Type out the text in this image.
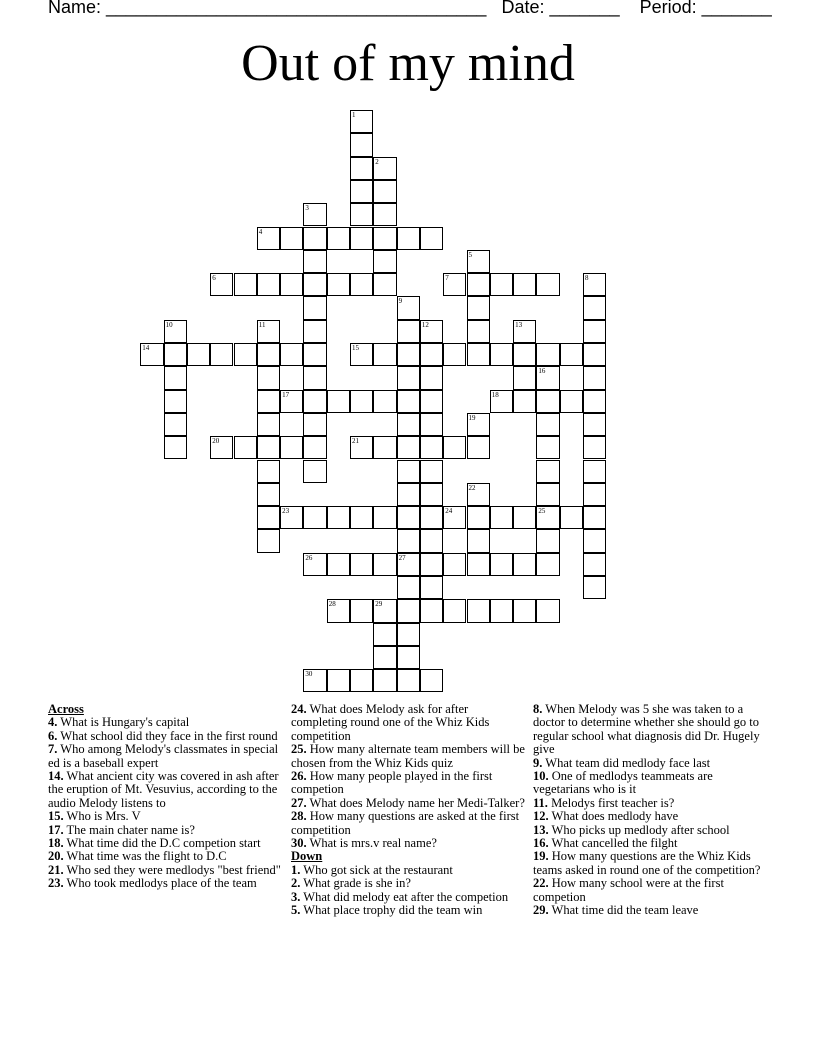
Name: ______________________________________ Date: _______ Period: _______
Out of my mind
1
2
3
4
5
6	7	8
9
27
10	11	12	13
14	15
16
25
17	18
19
20	21
22
23	24
26
28	29
30
Across
4. What is Hungary's capital
6. What school did they face in the first round
7. Who among Melody's classmates in special ed is a baseball expert
14. What ancient city was covered in ash after the eruption of Mt. Vesuvius, according to the audio Melody listens to
15. Who is Mrs. V
17. The main chater name is?
18. What time did the D.C competion start
20. What time was the flight to D.C
21. Who sed they were medlodys "best friend"
23. Who took medlodys place of the team
24. What does Melody ask for after completing round one of the Whiz Kids competition
25. How many alternate team members will be chosen from the Whiz Kids quiz
26. How many people played in the first competion
27. What does Melody name her Medi-Talker?
28. How many questions are asked at the first competition
30. What is mrs.v real name?
Down
1. Who got sick at the restaurant
2. What grade is she in?
3. What did melody eat after the competion
5. What place trophy did the team win
8. When Melody was 5 she was taken to a doctor to determine whether she should go to regular school what diagnosis did Dr. Hugely give
9. What team did medlody face last
10. One of medlodys teammeats are vegetarians who is it
11. Melodys first teacher is?
12. What does medlody have
13. Who picks up medlody after school
16. What cancelled the filght
19. How many questions are the Whiz Kids teams asked in round one of the competition?
22. How many school were at the first competion
29. What time did the team leave
